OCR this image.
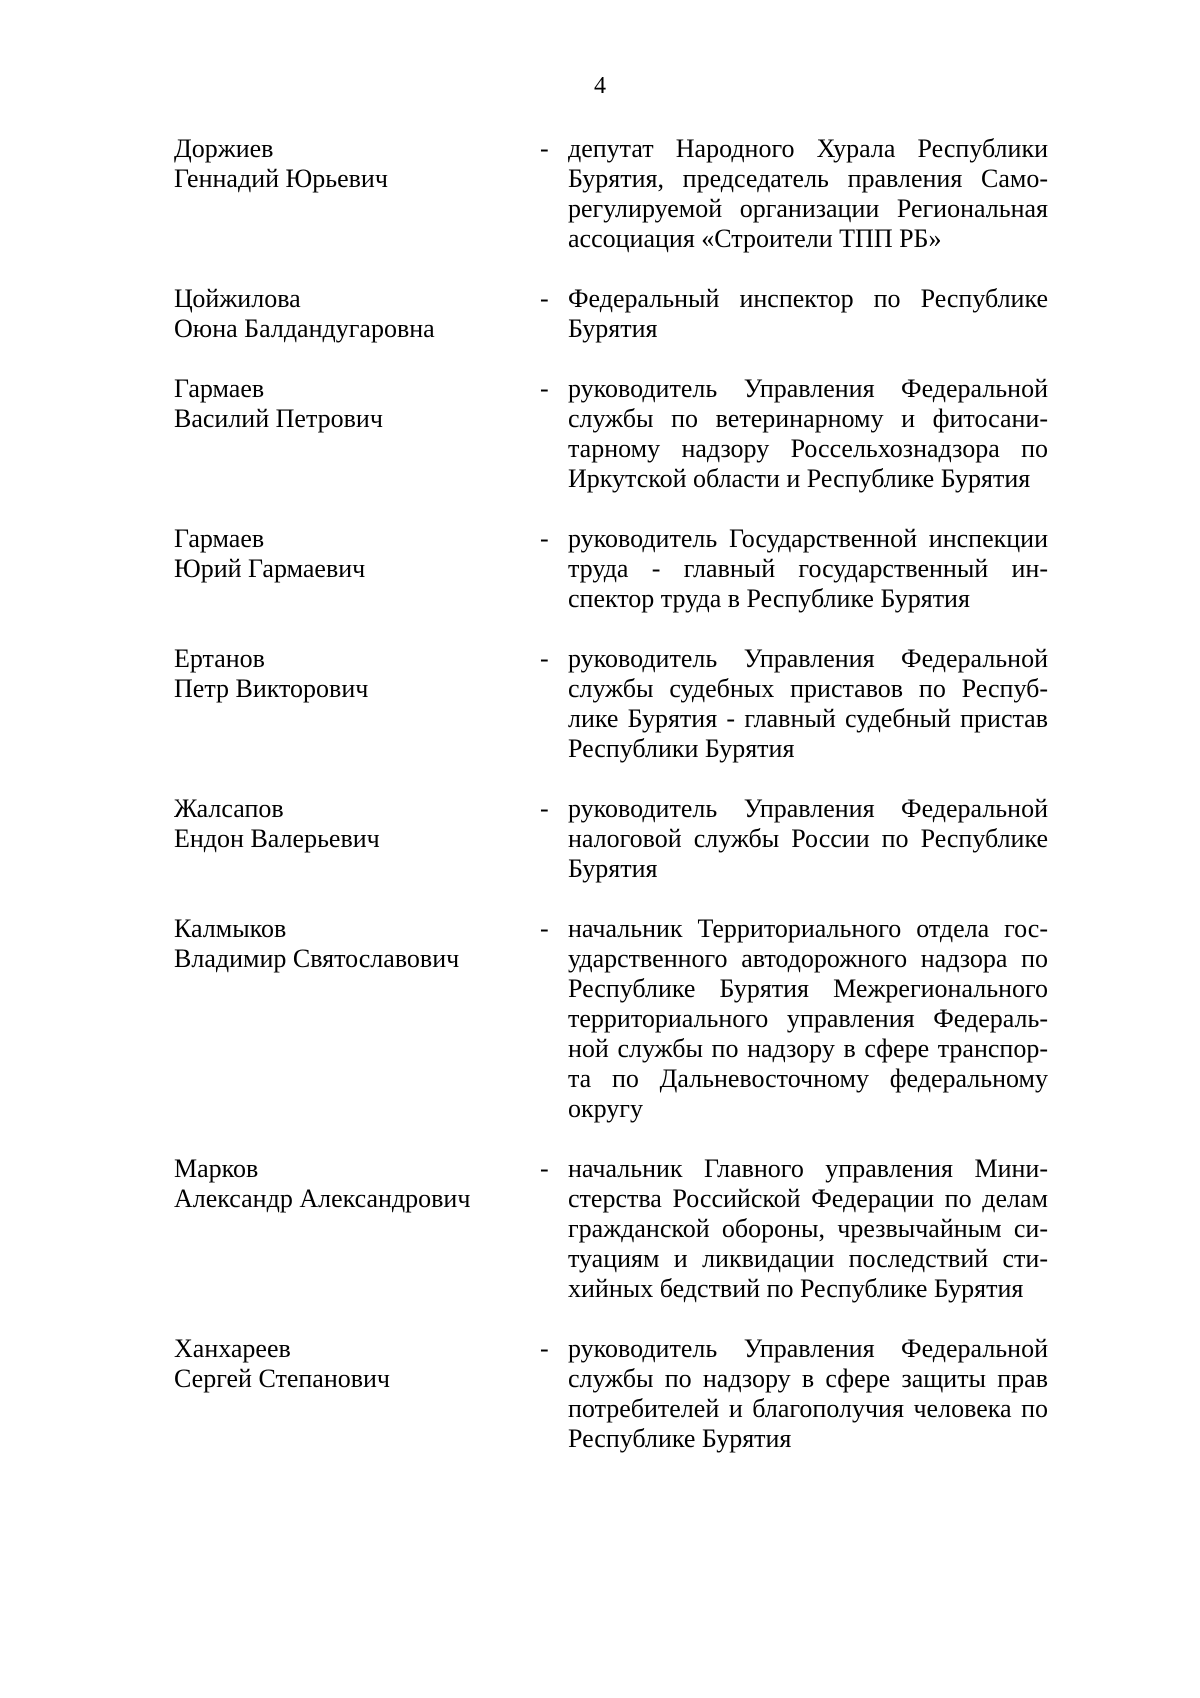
4
Доржиев
Геннадий Юрьевич
- депутат Народного Хурала Республики Бурятия, председатель правления Саморегулируемой организации Региональная ассоциация «Строители ТПП РБ»
Цойжилова
Оюна Балдандугаровна
- Федеральный инспектор по Республике Бурятия
Гармаев
Василий Петрович
- руководитель Управления Федеральной службы по ветеринарному и фитосанитарному надзору Россельхознадзора по Иркутской области и Республике Бурятия
Гармаев
Юрий Гармаевич
- руководитель Государственной инспекции труда - главный государственный инспектор труда в Республике Бурятия
Ертанов
Петр Викторович
- руководитель Управления Федеральной службы судебных приставов по Республике Бурятия - главный судебный пристав Республики Бурятия
Жалсапов
Ендон Валерьевич
- руководитель Управления Федеральной налоговой службы России по Республике Бурятия
Калмыков
Владимир Святославович
- начальник Территориального отдела государственного автодорожного надзора по Республике Бурятия Межрегионального территориального управления Федеральной службы по надзору в сфере транспорта по Дальневосточному федеральному округу
Марков
Александр Александрович
- начальник Главного управления Министерства Российской Федерации по делам гражданской обороны, чрезвычайным ситуациям и ликвидации последствий стихийных бедствий по Республике Бурятия
Ханхареев
Сергей Степанович
- руководитель Управления Федеральной службы по надзору в сфере защиты прав потребителей и благополучия человека по Республике Бурятия
